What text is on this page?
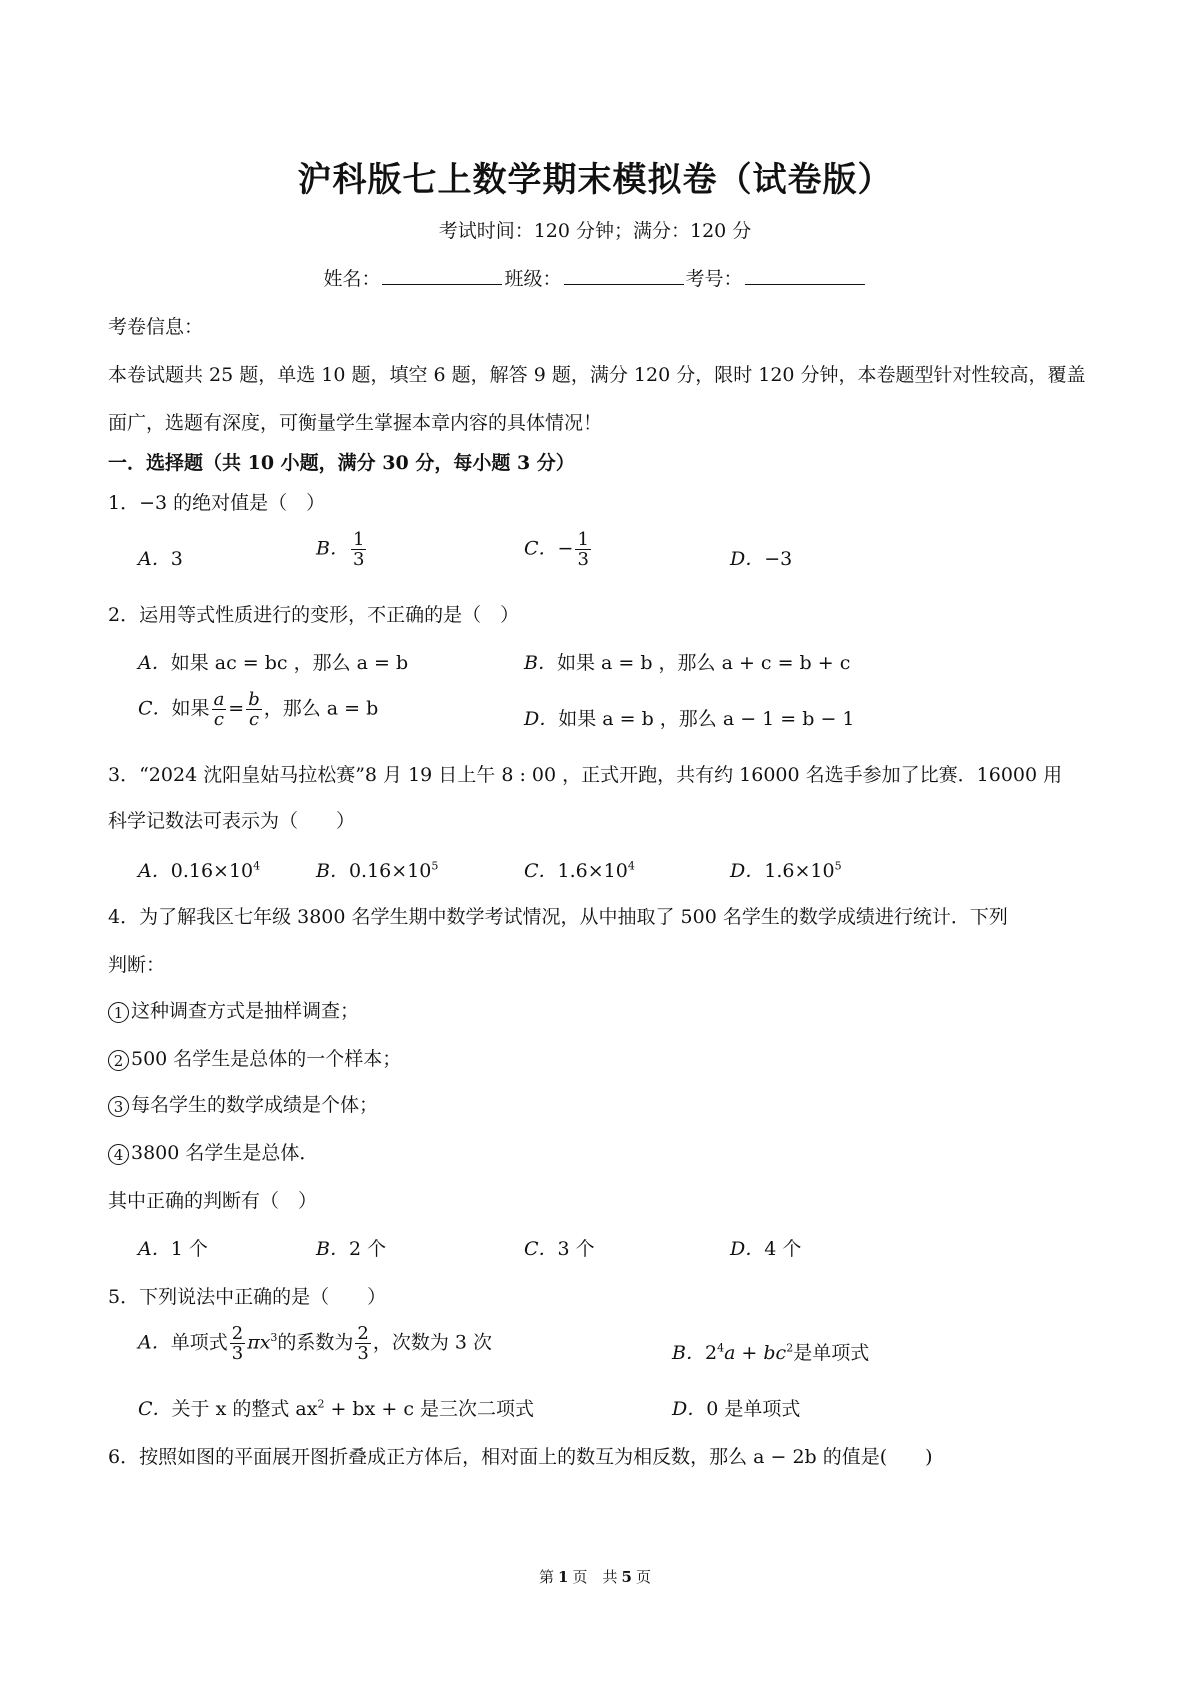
沪科版七上数学期末模拟卷（试卷版）
考试时间：120 分钟；满分：120 分
姓名：	班级：	考号：
考卷信息：
本卷试题共 25 题，单选 10 题，填空 6 题，解答 9 题，满分 120 分，限时 120 分钟，本卷题型针对性较高，覆盖
面广，选题有深度，可衡量学生掌握本章内容的具体情况！
一．选择题（共 10 小题，满分 30 分，每小题 3 分）
1．−3 的绝对值是（　）
A．3	B． $\frac{1}{3}$	C．− $\frac{1}{3}$	D．−3
2．运用等式性质进行的变形，不正确的是（　）
A．如果 ac = bc ，那么 a = b	B．如果 a = b ，那么 a + c = b + c
C．如果 $\frac{a}{c} = \frac{b}{c}$ ，那么 a = b	D．如果 a = b ，那么 a − 1 = b − 1
3．“2024 沈阳皇姑马拉松赛”8 月 19 日上午 8 : 00 ，正式开跑，共有约 16000 名选手参加了比赛．16000 用
科学记数法可表示为（　　）
A．$0.16\times 10^4$	B．$0.16\times 10^5$	C．$1.6\times 10^4$	D．$1.6\times 10^5$
4．为了解我区七年级 3800 名学生期中数学考试情况，从中抽取了 500 名学生的数学成绩进行统计．下列
判断：
1 这种调查方式是抽样调查；
2 500 名学生是总体的一个样本；
3 每名学生的数学成绩是个体；
4 3800 名学生是总体．
其中正确的判断有（　）
A．1 个	B．2 个	C．3 个	D．4 个
5．下列说法中正确的是（　　）
A．单项式 $\frac{2}{3} \pi x^3$的系数为 $\frac{2}{3}$ ，次数为 3 次	B．$2^4a + bc^2$是单项式
C．关于 x 的整式 $ax^2$ + bx + c 是三次二项式	D．0 是单项式
6．按照如图的平面展开图折叠成正方体后，相对面上的数互为相反数，那么 a − 2b 的值是(　　)
第 1 页　共 5 页
